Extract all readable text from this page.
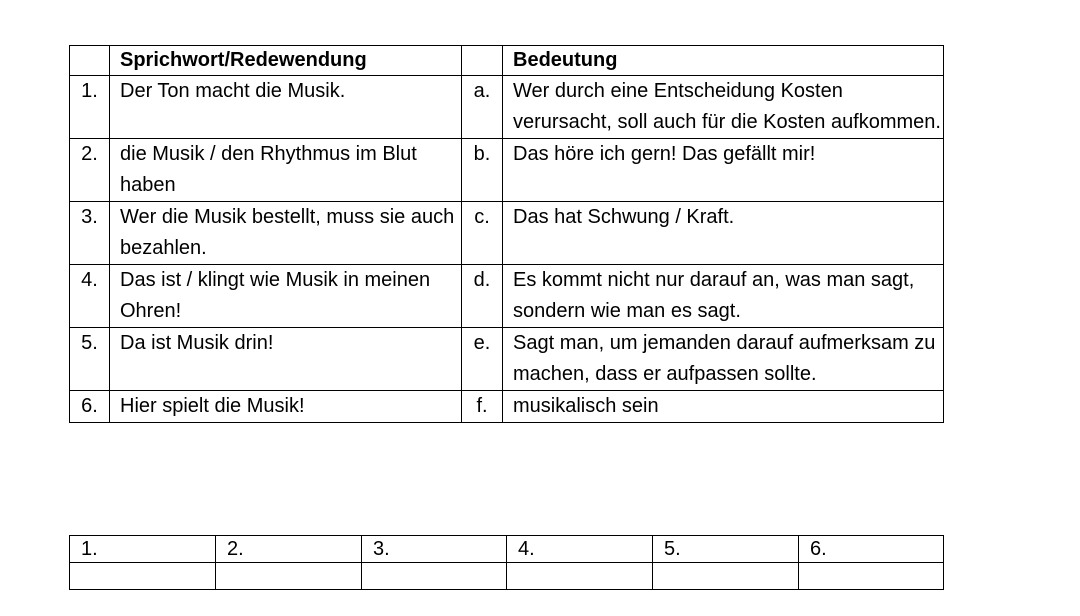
	Sprichwort/Redewendung		Bedeutung
1.	Der Ton macht die Musik.	a.	Wer durch eine Entscheidung Kosten verursacht, soll auch für die Kosten aufkommen.
2.	die Musik / den Rhythmus im Blut haben	b.	Das höre ich gern! Das gefällt mir!
3.	Wer die Musik bestellt, muss sie auch bezahlen.	c.	Das hat Schwung / Kraft.
4.	Das ist / klingt wie Musik in meinen Ohren!	d.	Es kommt nicht nur darauf an, was man sagt, sondern wie man es sagt.
5.	Da ist Musik drin!	e.	Sagt man, um jemanden darauf aufmerksam zu machen, dass er aufpassen sollte.
6.	Hier spielt die Musik!	f.	musikalisch sein
1.	2.	3.	4.	5.	6.
